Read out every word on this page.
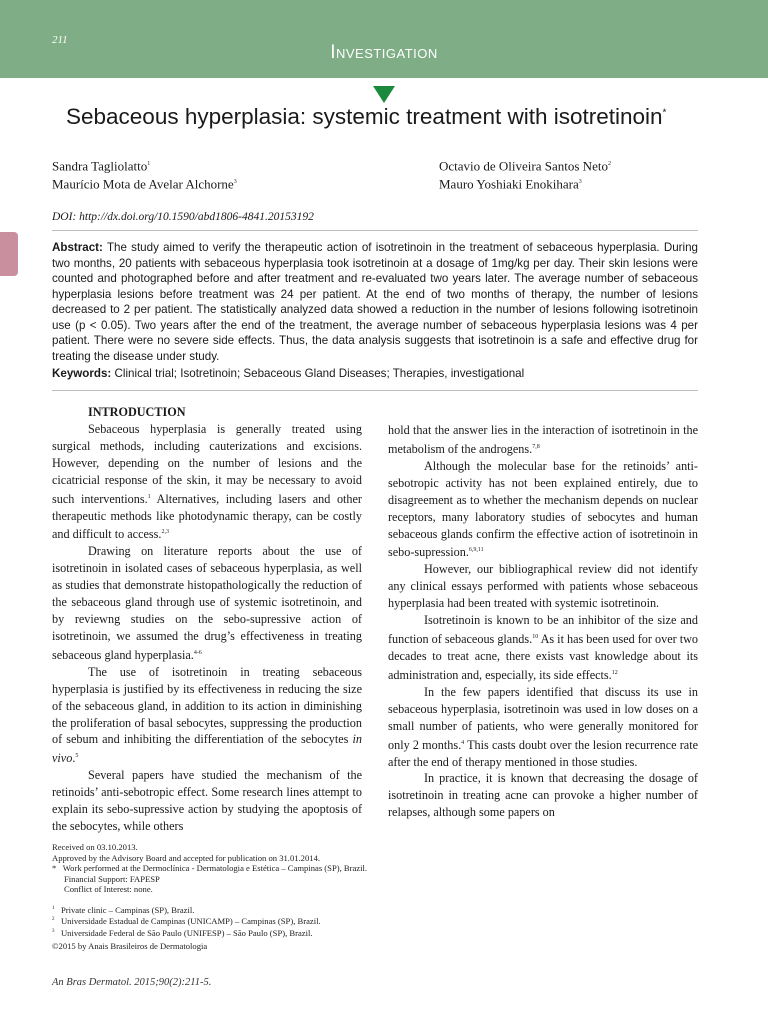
211
Investigation
Sebaceous hyperplasia: systemic treatment with isotretinoin*
Sandra Tagliolatto$^1$
Maurício Mota de Avelar Alchorne$^3$
Octavio de Oliveira Santos Neto$^2$
Mauro Yoshiaki Enokihara$^3$
DOI: http://dx.doi.org/10.1590/abd1806-4841.20153192
Abstract: The study aimed to verify the therapeutic action of isotretinoin in the treatment of sebaceous hyperplasia. During two months, 20 patients with sebaceous hyperplasia took isotretinoin at a dosage of 1mg/kg per day. Their skin lesions were counted and photographed before and after treatment and re-evaluated two years later. The average number of sebaceous hyperplasia lesions before treatment was 24 per patient. At the end of two months of therapy, the number of lesions decreased to 2 per patient. The statistically analyzed data showed a reduction in the number of lesions following isotretinoin use (p < 0.05). Two years after the end of the treatment, the average number of sebaceous hyperplasia lesions was 4 per patient. There were no severe side effects. Thus, the data analysis suggests that isotretinoin is a safe and effective drug for treating the disease under study.
Keywords: Clinical trial; Isotretinoin; Sebaceous Gland Diseases; Therapies, investigational

INTRODUCTION

Sebaceous hyperplasia is generally treated using surgical methods, including cauterizations and excisions. However, depending on the number of lesions and the cicatricial response of the skin, it may be necessary to avoid such interventions.$^1$ Alternatives, including lasers and other therapeutic methods like photodynamic therapy, can be costly and difficult to access.$^{2,3}$

Drawing on literature reports about the use of isotretinoin in isolated cases of sebaceous hyperplasia, as well as studies that demonstrate histopathologically the reduction of the sebaceous gland through use of systemic isotretinoin, and by reviewng studies on the sebo-supressive action of isotretinoin, we assumed the drug’s effectiveness in treating sebaceous gland hyperplasia.$^{4-6}$

The use of isotretinoin in treating sebaceous hyperplasia is justified by its effectiveness in reducing the size of the sebaceous gland, in addition to its action in diminishing the proliferation of basal sebocytes, suppressing the production of sebum and inhibiting the differentiation of the sebocytes in vivo.$^5$

Several papers have studied the mechanism of the retinoids’ anti-sebotropic effect. Some research lines attempt to explain its sebo-supressive action by studying the apoptosis of the sebocytes, while others

hold that the answer lies in the interaction of isotretinoin in the metabolism of the androgens.$^{7,8}$

Although the molecular base for the retinoids’ anti-sebotropic activity has not been explained entirely, due to disagreement as to whether the mechanism depends on nuclear receptors, many laboratory studies of sebocytes and human sebaceous glands confirm the effective action of isotretinoin in sebo-supression.$^{6,9,11}$

However, our bibliographical review did not identify any clinical essays performed with patients whose sebaceous hyperplasia had been treated with systemic isotretinoin.

Isotretinoin is known to be an inhibitor of the size and function of sebaceous glands.$^{10}$ As it has been used for over two decades to treat acne, there exists vast knowledge about its administration and, especially, its side effects.$^{12}$

In the few papers identified that discuss its use in sebaceous hyperplasia, isotretinoin was used in low doses on a small number of patients, who were generally monitored for only 2 months.$^4$ This casts doubt over the lesion recurrence rate after the end of therapy mentioned in those studies.

In practice, it is known that decreasing the dosage of isotretinoin in treating acne can provoke a higher number of relapses, although some papers on

Received on 03.10.2013.
Approved by the Advisory Board and accepted for publication on 31.01.2014.
* Work performed at the Dermoclínica - Dermatologia e Estética – Campinas (SP), Brazil.
Financial Support: FAPESP
Conflict of Interest: none.
$^1$ Private clinic – Campinas (SP), Brazil.
$^2$ Universidade Estadual de Campinas (UNICAMP) – Campinas (SP), Brazil.
$^3$ Universidade Federal de São Paulo (UNIFESP) – São Paulo (SP), Brazil.
©2015 by Anais Brasileiros de Dermatologia
An Bras Dermatol. 2015;90(2):211-5.
